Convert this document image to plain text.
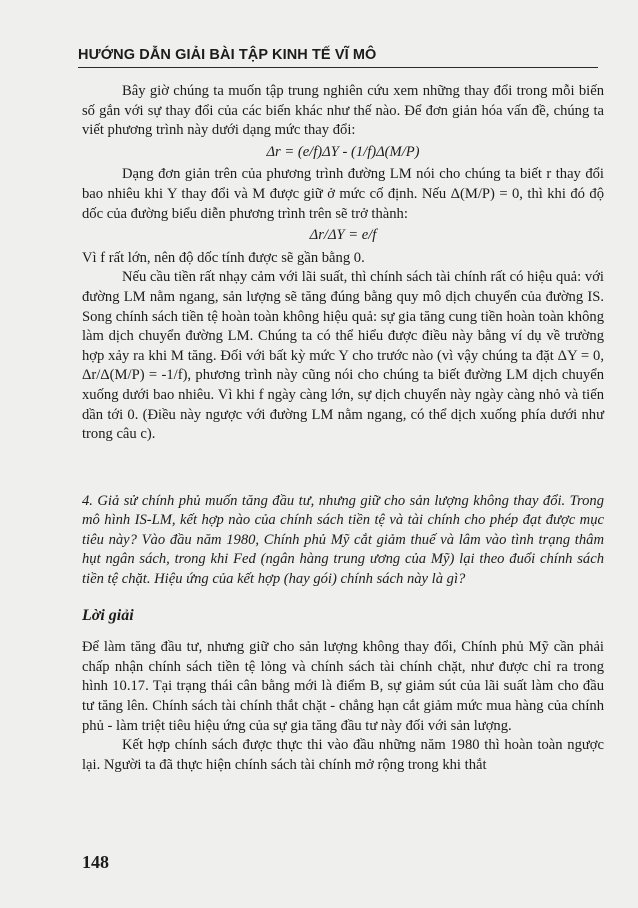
HƯỚNG DẪN GIẢI BÀI TẬP KINH TẾ VĨ MÔ

Bây giờ chúng ta muốn tập trung nghiên cứu xem những thay đổi trong mỗi biến số gắn với sự thay đổi của các biến khác như thế nào. Để đơn giản hóa vấn đề, chúng ta viết phương trình này dưới dạng mức thay đổi:

Δr = (e/f)ΔY - (1/f)Δ(M/P)

Dạng đơn giản trên của phương trình đường LM nói cho chúng ta biết r thay đổi bao nhiêu khi Y thay đổi và M được giữ ở mức cố định. Nếu Δ(M/P) = 0, thì khi đó độ dốc của đường biểu diễn phương trình trên sẽ trở thành:

Δr/ΔY = e/f

Vì f rất lớn, nên độ dốc tính được sẽ gần bằng 0.

Nếu cầu tiền rất nhạy cảm với lãi suất, thì chính sách tài chính rất có hiệu quả: với đường LM nằm ngang, sản lượng sẽ tăng đúng bằng quy mô dịch chuyển của đường IS. Song chính sách tiền tệ hoàn toàn không hiệu quả: sự gia tăng cung tiền hoàn toàn không làm dịch chuyển đường LM. Chúng ta có thể hiểu được điều này bằng ví dụ về trường hợp xảy ra khi M tăng. Đối với bất kỳ mức Y cho trước nào (vì vậy chúng ta đặt ΔY = 0, Δr/Δ(M/P) = -1/f), phương trình này cũng nói cho chúng ta biết đường LM dịch chuyển xuống dưới bao nhiêu. Vì khi f ngày càng lớn, sự dịch chuyển này ngày càng nhỏ và tiến dần tới 0. (Điều này ngược với đường LM nằm ngang, có thể dịch xuống phía dưới như trong câu c).

4. Giả sử chính phủ muốn tăng đầu tư, nhưng giữ cho sản lượng không thay đổi. Trong mô hình IS-LM, kết hợp nào của chính sách tiền tệ và tài chính cho phép đạt được mục tiêu này? Vào đầu năm 1980, Chính phủ Mỹ cắt giảm thuế và lâm vào tình trạng thâm hụt ngân sách, trong khi Fed (ngân hàng trung ương của Mỹ) lại theo đuổi chính sách tiền tệ chặt. Hiệu ứng của kết hợp (hay gói) chính sách này là gì?

Lời giải

Để làm tăng đầu tư, nhưng giữ cho sản lượng không thay đổi, Chính phủ Mỹ cần phải chấp nhận chính sách tiền tệ lỏng và chính sách tài chính chặt, như được chỉ ra trong hình 10.17. Tại trạng thái cân bằng mới là điểm B, sự giảm sút của lãi suất làm cho đầu tư tăng lên. Chính sách tài chính thắt chặt - chẳng hạn cắt giảm mức mua hàng của chính phủ - làm triệt tiêu hiệu ứng của sự gia tăng đầu tư này đối với sản lượng.

Kết hợp chính sách được thực thi vào đầu những năm 1980 thì hoàn toàn ngược lại. Người ta đã thực hiện chính sách tài chính mở rộng trong khi thắt

148
